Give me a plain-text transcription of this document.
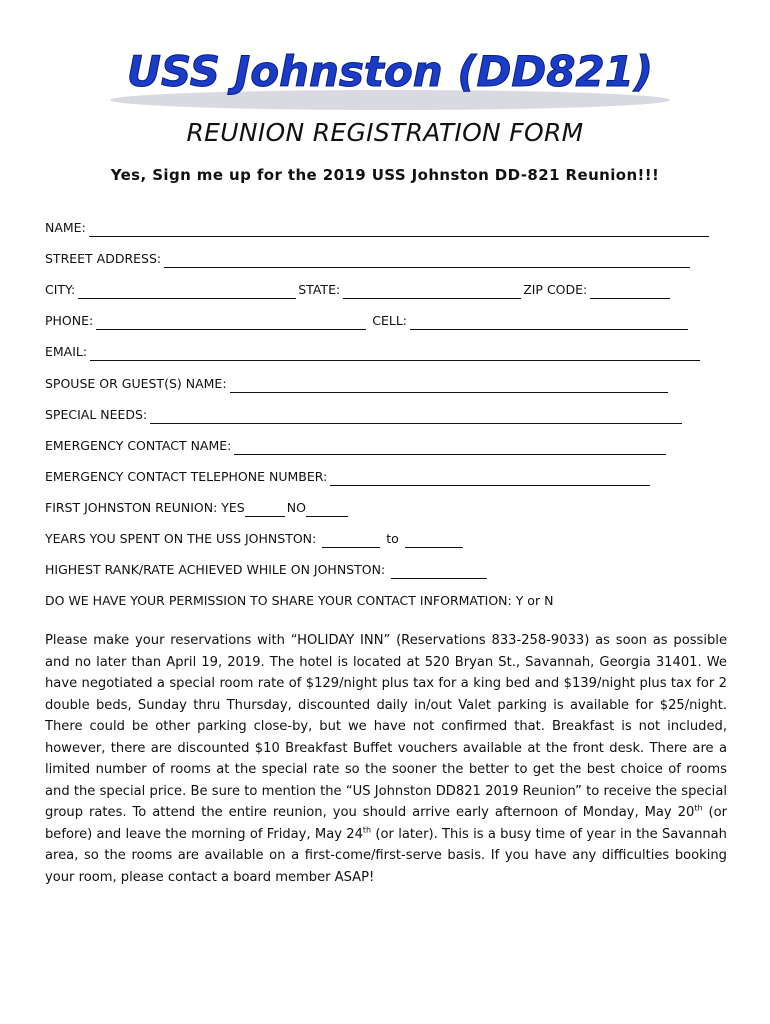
USS Johnston (DD821)
REUNION REGISTRATION FORM
Yes, Sign me up for the 2019 USS Johnston DD-821 Reunion!!!
NAME:
STREET ADDRESS:
CITY:	STATE:	ZIP CODE:
PHONE:	CELL:
EMAIL:
SPOUSE OR GUEST(S) NAME:
SPECIAL NEEDS:
EMERGENCY CONTACT NAME:
EMERGENCY CONTACT TELEPHONE NUMBER:
FIRST JOHNSTON REUNION: YES	NO
YEARS YOU SPENT ON THE USS JOHNSTON:	to
HIGHEST RANK/RATE ACHIEVED WHILE ON JOHNSTON:
DO WE HAVE YOUR PERMISSION TO SHARE YOUR CONTACT INFORMATION: Y or N
Please make your reservations with “HOLIDAY INN” (Reservations 833-258-9033) as soon as possible and no later than April 19, 2019. The hotel is located at 520 Bryan St., Savannah, Georgia 31401. We have negotiated a special room rate of $129/night plus tax for a king bed and $139/night plus tax for 2 double beds, Sunday thru Thursday, discounted daily in/out Valet parking is available for $25/night. There could be other parking close-by, but we have not confirmed that. Breakfast is not included, however, there are discounted $10 Breakfast Buffet vouchers available at the front desk. There are a limited number of rooms at the special rate so the sooner the better to get the best choice of rooms and the special price. Be sure to mention the “US Johnston DD821 2019 Reunion” to receive the special group rates. To attend the entire reunion, you should arrive early afternoon of Monday, May 20th (or before) and leave the morning of Friday, May 24th (or later). This is a busy time of year in the Savannah area, so the rooms are available on a first-come/first-serve basis. If you have any difficulties booking your room, please contact a board member ASAP!
